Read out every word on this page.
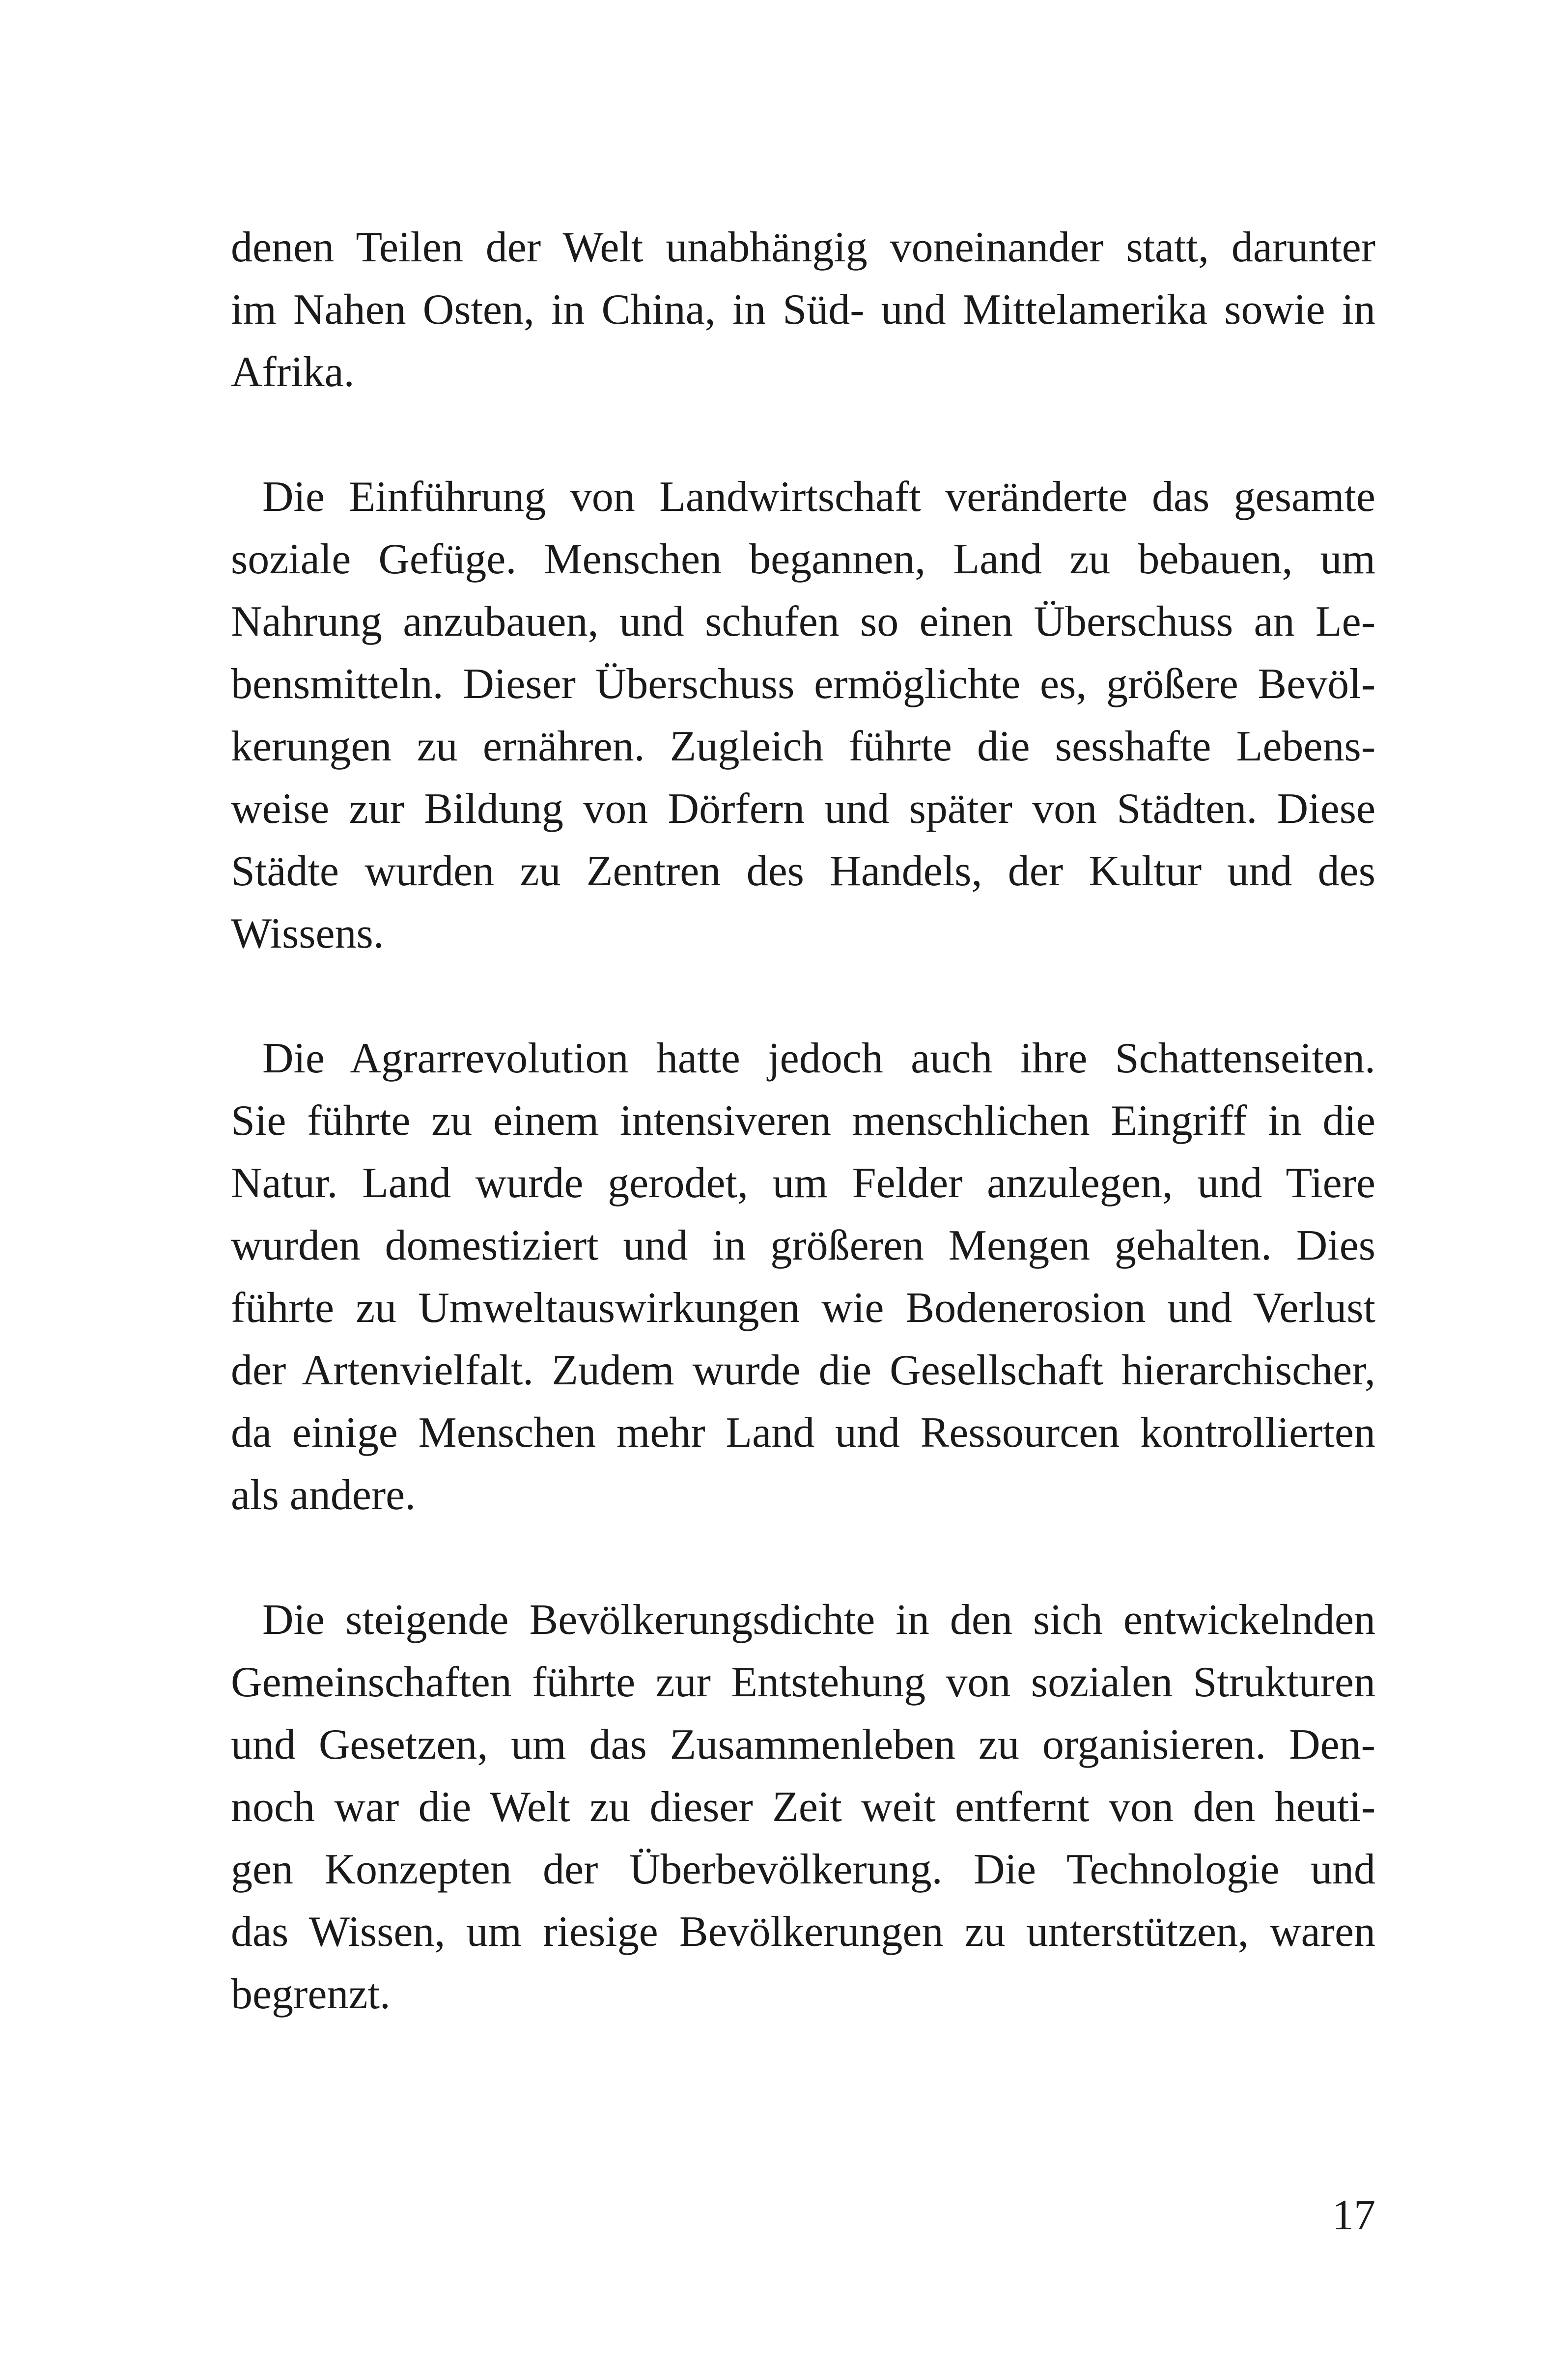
denen Teilen der Welt unabhängig voneinander statt, darunter
im Nahen Osten, in China, in Süd- und Mittelamerika sowie in
Afrika.
Die Einführung von Landwirtschaft veränderte das gesamte
soziale Gefüge. Menschen begannen, Land zu bebauen, um
Nahrung anzubauen, und schufen so einen Überschuss an Le-
bensmitteln. Dieser Überschuss ermöglichte es, größere Bevöl-
kerungen zu ernähren. Zugleich führte die sesshafte Lebens-
weise zur Bildung von Dörfern und später von Städten. Diese
Städte wurden zu Zentren des Handels, der Kultur und des
Wissens.
Die Agrarrevolution hatte jedoch auch ihre Schattenseiten.
Sie führte zu einem intensiveren menschlichen Eingriff in die
Natur. Land wurde gerodet, um Felder anzulegen, und Tiere
wurden domestiziert und in größeren Mengen gehalten. Dies
führte zu Umweltauswirkungen wie Bodenerosion und Verlust
der Artenvielfalt. Zudem wurde die Gesellschaft hierarchischer,
da einige Menschen mehr Land und Ressourcen kontrollierten
als andere.
Die steigende Bevölkerungsdichte in den sich entwickelnden
Gemeinschaften führte zur Entstehung von sozialen Strukturen
und Gesetzen, um das Zusammenleben zu organisieren. Den-
noch war die Welt zu dieser Zeit weit entfernt von den heuti-
gen Konzepten der Überbevölkerung. Die Technologie und
das Wissen, um riesige Bevölkerungen zu unterstützen, waren
begrenzt.
17
